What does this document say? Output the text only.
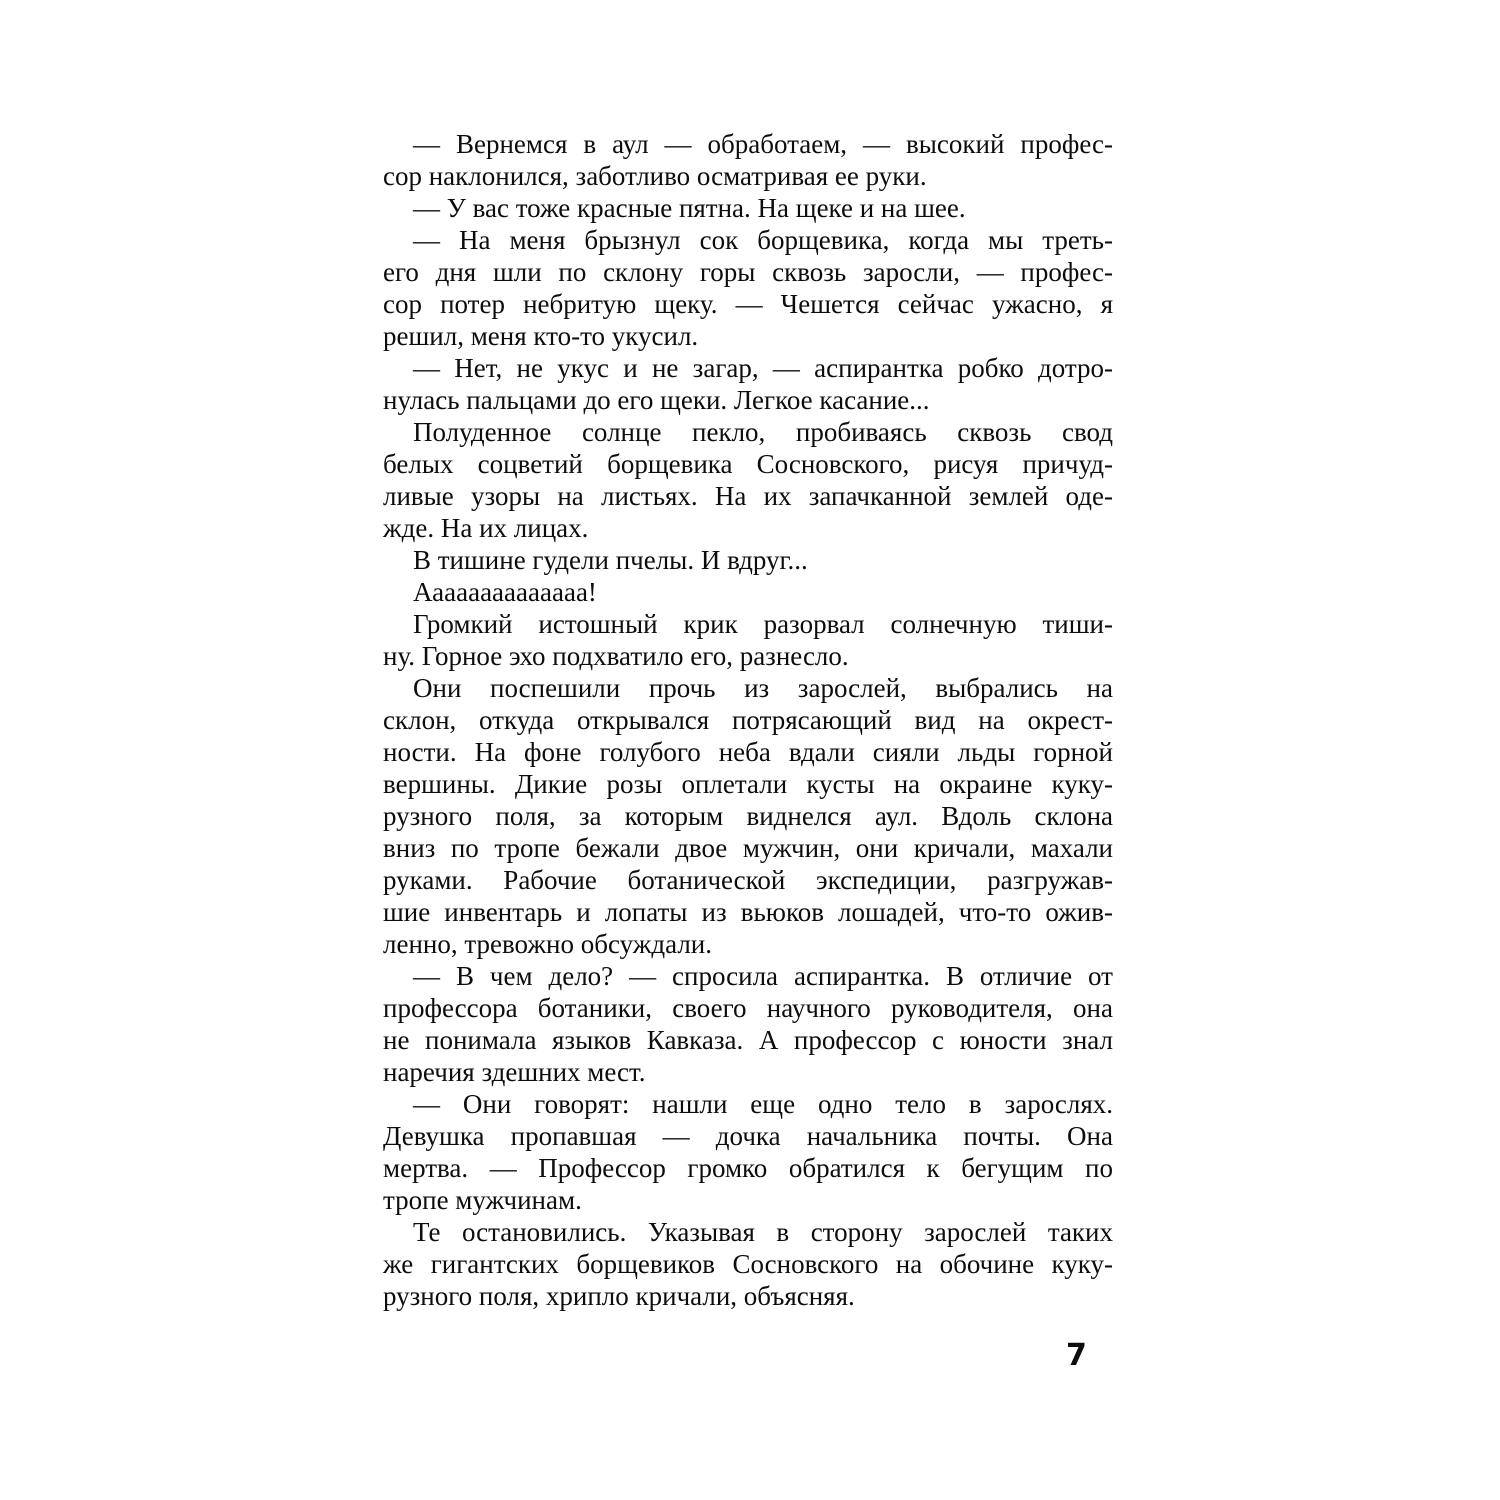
— Вернемся в аул — обработаем, — высокий профес-
сор наклонился, заботливо осматривая ее руки.
— У вас тоже красные пятна. На щеке и на шее.
— На меня брызнул сок борщевика, когда мы треть-
его дня шли по склону горы сквозь заросли, — профес-
сор потер небритую щеку. — Чешется сейчас ужасно, я
решил, меня кто-то укусил.
— Нет, не укус и не загар, — аспирантка робко дотро-
нулась пальцами до его щеки. Легкое касание...
Полуденное солнце пекло, пробиваясь сквозь свод
белых соцветий борщевика Сосновского, рисуя причуд-
ливые узоры на листьях. На их запачканной землей оде-
жде. На их лицах.
В тишине гудели пчелы. И вдруг...
Аааааааааааааа!
Громкий истошный крик разорвал солнечную тиши-
ну. Горное эхо подхватило его, разнесло.
Они поспешили прочь из зарослей, выбрались на
склон, откуда открывался потрясающий вид на окрест-
ности. На фоне голубого неба вдали сияли льды горной
вершины. Дикие розы оплетали кусты на окраине куку-
рузного поля, за которым виднелся аул. Вдоль склона
вниз по тропе бежали двое мужчин, они кричали, махали
руками. Рабочие ботанической экспедиции, разгружав-
шие инвентарь и лопаты из вьюков лошадей, что-то ожив-
ленно, тревожно обсуждали.
— В чем дело? — спросила аспирантка. В отличие от
профессора ботаники, своего научного руководителя, она
не понимала языков Кавказа. А профессор с юности знал
наречия здешних мест.
— Они говорят: нашли еще одно тело в зарослях.
Девушка пропавшая — дочка начальника почты. Она
мертва. — Профессор громко обратился к бегущим по
тропе мужчинам.
Те остановились. Указывая в сторону зарослей таких
же гигантских борщевиков Сосновского на обочине куку-
рузного поля, хрипло кричали, объясняя.
7
